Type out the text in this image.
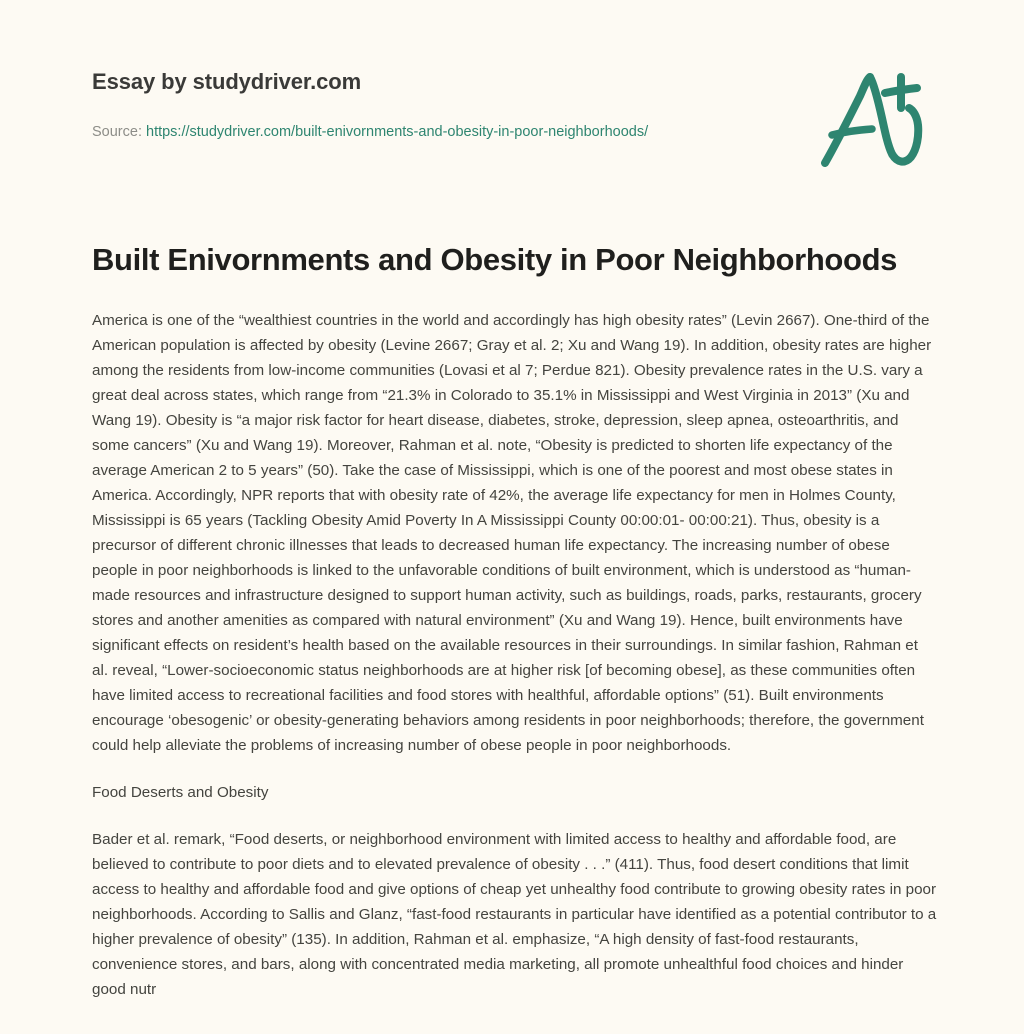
Essay by studydriver.com
Source: https://studydriver.com/built-enivornments-and-obesity-in-poor-neighborhoods/
Built Enivornments and Obesity in Poor Neighborhoods

America is one of the “wealthiest countries in the world and accordingly has high obesity rates” (Levin 2667). One-third of the American population is affected by obesity (Levine 2667; Gray et al. 2; Xu and Wang 19). In addition, obesity rates are higher among the residents from low-income communities (Lovasi et al 7; Perdue 821). Obesity prevalence rates in the U.S. vary a great deal across states, which range from “21.3% in Colorado to 35.1% in Mississippi and West Virginia in 2013” (Xu and Wang 19). Obesity is “a major risk factor for heart disease, diabetes, stroke, depression, sleep apnea, osteoarthritis, and some cancers” (Xu and Wang 19). Moreover, Rahman et al. note, “Obesity is predicted to shorten life expectancy of the average American 2 to 5 years” (50). Take the case of Mississippi, which is one of the poorest and most obese states in America. Accordingly, NPR reports that with obesity rate of 42%, the average life expectancy for men in Holmes County, Mississippi is 65 years (Tackling Obesity Amid Poverty In A Mississippi County 00:00:01- 00:00:21). Thus, obesity is a precursor of different chronic illnesses that leads to decreased human life expectancy. The increasing number of obese people in poor neighborhoods is linked to the unfavorable conditions of built environment, which is understood as “human-made resources and infrastructure designed to support human activity, such as buildings, roads, parks, restaurants, grocery stores and another amenities as compared with natural environment” (Xu and Wang 19). Hence, built environments have significant effects on resident’s health based on the available resources in their surroundings. In similar fashion, Rahman et al. reveal, “Lower-socioeconomic status neighborhoods are at higher risk [of becoming obese], as these communities often have limited access to recreational facilities and food stores with healthful, affordable options” (51). Built environments encourage ‘obesogenic’ or obesity-generating behaviors among residents in poor neighborhoods; therefore, the government could help alleviate the problems of increasing number of obese people in poor neighborhoods.

Food Deserts and Obesity

Bader et al. remark, “Food deserts, or neighborhood environment with limited access to healthy and affordable food, are believed to contribute to poor diets and to elevated prevalence of obesity . . .” (411). Thus, food desert conditions that limit access to healthy and affordable food and give options of cheap yet unhealthy food contribute to growing obesity rates in poor neighborhoods. According to Sallis and Glanz, “fast-food restaurants in particular have identified as a potential contributor to a higher prevalence of obesity” (135). In addition, Rahman et al. emphasize, “A high density of fast-food restaurants, convenience stores, and bars, along with concentrated media marketing, all promote unhealthful food choices and hinder good nutr
